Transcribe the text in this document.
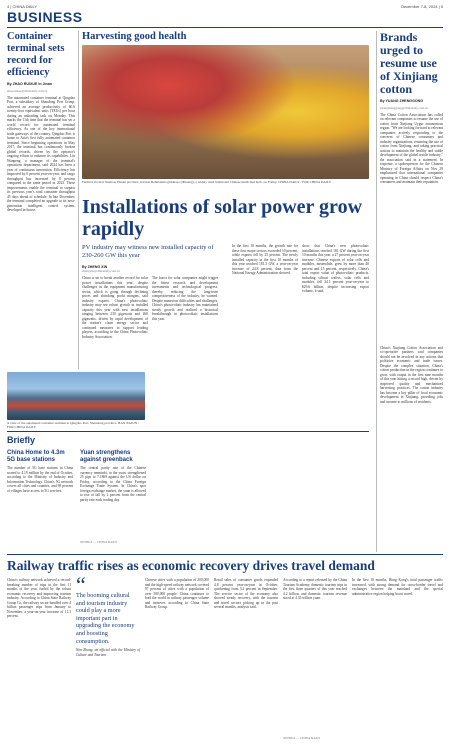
4 | CHINA DAILY	December 7-8, 2024 | 5
BUSINESS
Container terminal sets record for efficiency
By ZHAO RUIXUE in Jinan
zhaoruixue@chinadaily.com.cn
The automated container terminal at Qingdao Port, a subsidiary of Shandong Port Group, achieved an average productivity of 60.6 twenty-foot equivalent units (TEUs) per hour during an unloading task on Monday. This marks the 11th time that the terminal has set a world record for automated terminal efficiency. As one of the key international trade gateways of the country, Qingdao Port is home to Asia's first fully automated container terminal. Since beginning operations in May 2017, the terminal has continuously broken global records, driven by the operator's ongoing efforts to enhance its capabilities. Lin Wanpeng, a manager of the terminal's operations department, said 2024 has been a year of continuous innovation. Efficiency has improved by 6 percent year-on-year, and cargo throughput has increased by 8 percent compared to the same period in 2023. These improvements enable the terminal to surpass its previous year's total container throughput 45 days ahead of schedule. In late December, the terminal completed an upgrade to its next-generation intelligent control system, developed in-house.
A view of the automated container terminal at Qingdao Port, Shandong province. HAN JIAJUN / FOR CHINA DAILY
Harvesting good health
Farmers in rural Xuzhou, Henan province, harvest Rehmannia glutinosa (dihuang), a widely used traditional Chinese medicinal herb, on Friday. CHINA DAILY / FOR CHINA DAILY
Installations of solar power grow rapidly
PV industry may witness new installed capacity of 230-260 GW this year
By ZHENG XIN
zhengxin@chinadaily.com.cn
China is set to break another record for solar power installations this year, despite challenges in the equipment manufacturing sector, which is going through declining prices and shrinking profit margins, said industry experts. China's photovoltaic industry may see robust growth in installed capacity this year with new installations ranging between 230 gigawatts and 260 gigawatts, driven by rapid development of the nation's clean energy sector and continued measures to support leading players, according to the China Photovoltaic Industry Association.
The boost for solar companies might trigger the fittest research and development investments and technological progress, thereby reducing the long-term competitiveness of the industry, he warned. Despite numerous difficulties and challenges, China's photovoltaic industry has maintained steady growth and realized a historical breakthrough in photovoltaic installations this year.
In the first 10 months, the growth rate for these four major sectors exceeded 10 percent, while exports fell by 25 percent. The newly installed capacity in the first 10 months of this year reached 181.3 GW, a year-on-year increase of 24.8 percent, data from the National Energy Administration showed.
show that China's new photovoltaic installations reached 181 GW during the first 10 months this year, a 27 percent year-on-year increase. Chinese exports of solar cells and modules, meanwhile, grew by more than 40 percent and 15 percent, respectively. China's total export value of photovoltaic products, including silicon wafers, solar cells and modules, fell 34.1 percent year-on-year to $29.6 billion, despite increasing export volume, it said.
Briefly
China Home to 4.3m 5G base stations
The number of 5G base stations in China soared to 4.19 million by the end of October, according to the Ministry of Industry and Information Technology. China's 5G network covers all cities and counties, and 98 percent of villages have access to 5G services.
Yuan strengthens against greenback
The central parity rate of the Chinese currency renminbi, or the yuan, strengthened 25 pips to 7.1869 against the US dollar on Friday, according to the China Foreign Exchange Trade System. In China's spot foreign exchange market, the yuan is allowed to rise or fall by 2 percent from the central parity rate each trading day.
XINHUA — CHINA DAILY
Brands urged to resume use of Xinjiang cotton
By YUANG ZHENGGONG
yuangzhenggong@chinadaily.com.cn
The China Cotton Association has called on relevant companies to resume the use of cotton from Xinjiang Uygur autonomous region. "We are looking forward to relevant companies actively responding to the concerns of Chinese consumers and industry organizations, resuming the use of cotton from Xinjiang, and taking practical actions to maintain the healthy and stable development of the global textile industry," the association said in a statement. In response, a spokesperson for the Chinese Ministry of Foreign Affairs on Nov 29 emphasized that international companies operating in China should respect China's consumers and maintain their reputation.
China's Xinjiang Cotton Association and co-operative partners said companies should not be involved in any actions that politicize economic and trade issues. Despite the complex situation, China's cotton production in the region continues to grow, with output in the first nine months of this year hitting a record high, driven by improved quality and mechanized harvesting practices. The cotton industry has become a key pillar of local economic development in Xinjiang, providing jobs and income to millions of residents.
Railway traffic rises as economic recovery drives travel demand
China's railway network achieved a record-breaking number of trips in the first 11 months of the year, fueled by the robust economic recovery and improving tourism industry. According to China State Railway Group Co, the railway sector handled over 4 billion passenger trips from January to November, a year-on-year increase of 11.3 percent.
“
The booming cultural and tourism industry could play a more important part in upgrading the economy and boosting consumption.
Wen Zhang, an official with the Ministry of Culture and Tourism
Chinese cities with a population of 200,000 and the high-speed railway network covered 97 percent of cities with a population of over 500,000 people. China continues to lead the world in railway passenger volume and turnover, according to China State Railway Group.
Retail sales of consumer goods expanded 4.8 percent year-on-year in October, quickening from 3.2 percent in September. The service sector of the economy also showed steady recovery, with the tourism and travel sectors picking up in the past several months, analysts said.
According to a report released by the China Tourism Academy, domestic tourism trips in the first three quarters of this year reached 4.2 billion, and domestic tourism revenue stood at 4.35 trillion yuan.
In the first 10 months, Hong Kong's total passenger traffic increased, with strong demand for cross-border travel and exchanges between the mainland and the special administrative region helping boost travel.
XINHUA — CHINA DAILY
